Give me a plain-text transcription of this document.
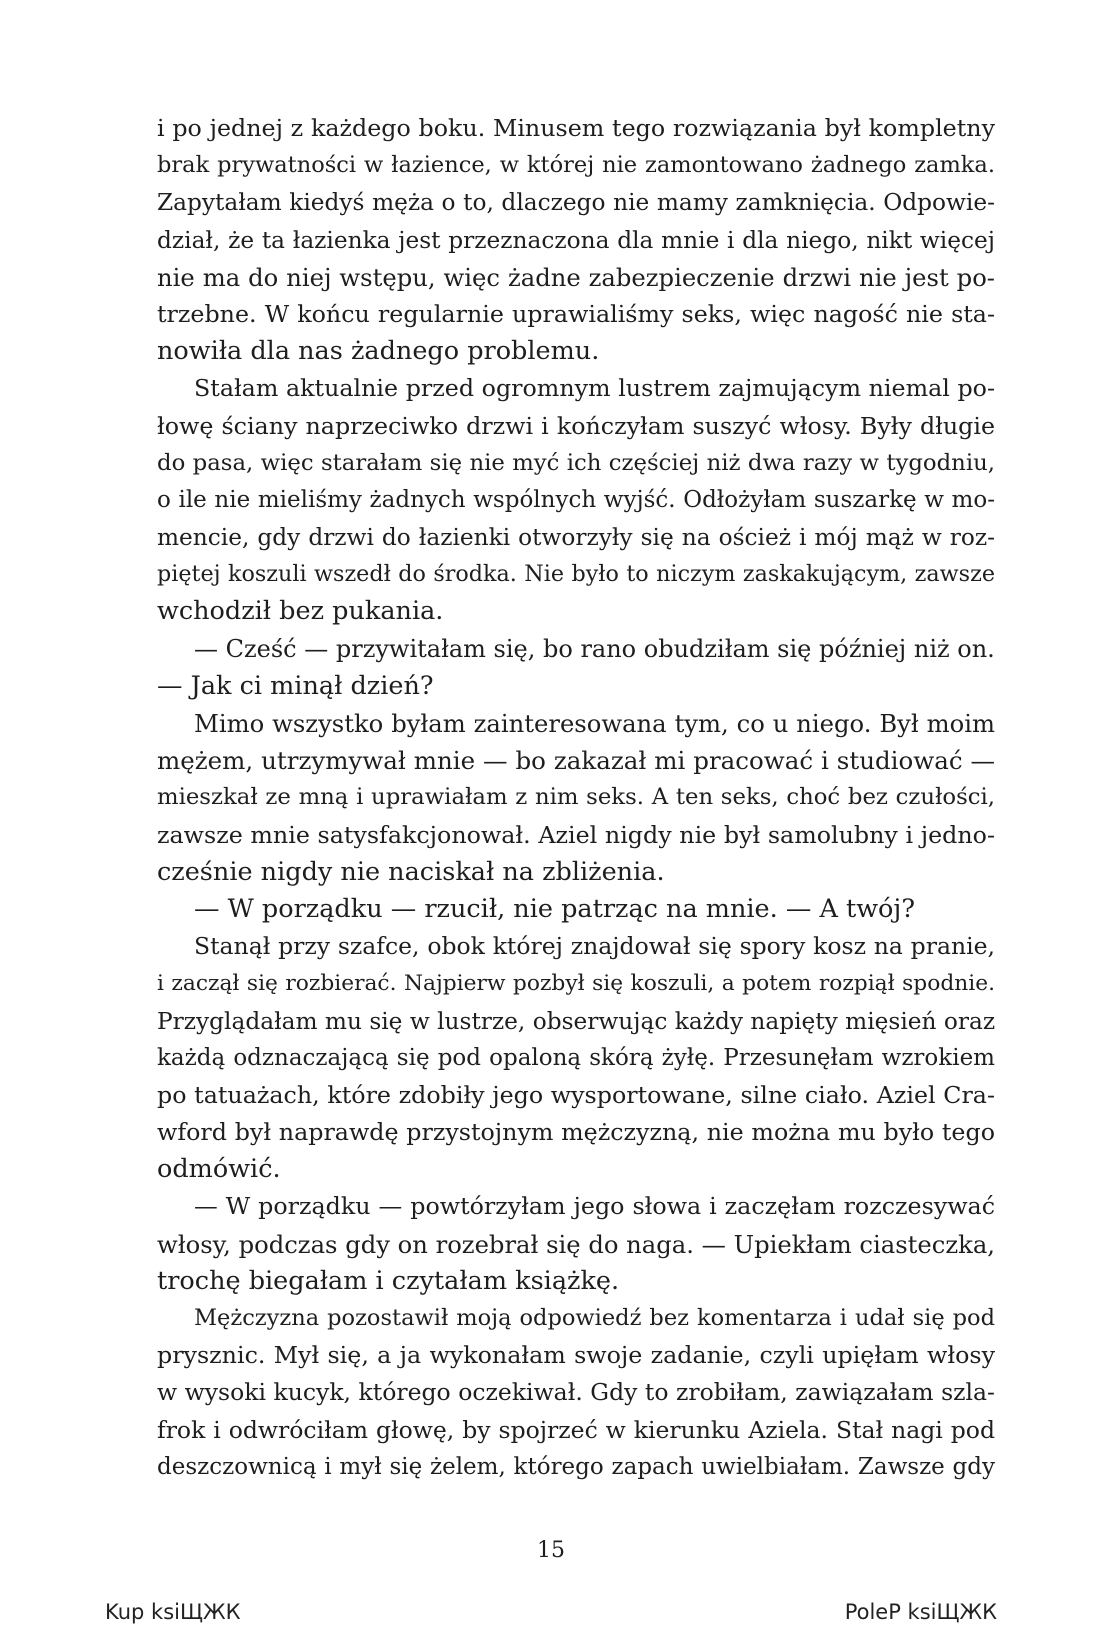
i po jednej z każdego boku. Minusem tego rozwiązania był kompletny
brak prywatności w łazience, w której nie zamontowano żadnego zamka.
Zapytałam kiedyś męża o to, dlaczego nie mamy zamknięcia. Odpowie-
dział, że ta łazienka jest przeznaczona dla mnie i dla niego, nikt więcej
nie ma do niej wstępu, więc żadne zabezpieczenie drzwi nie jest po-
trzebne. W końcu regularnie uprawialiśmy seks, więc nagość nie sta-
nowiła dla nas żadnego problemu.
Stałam aktualnie przed ogromnym lustrem zajmującym niemal po-
łowę ściany naprzeciwko drzwi i kończyłam suszyć włosy. Były długie
do pasa, więc starałam się nie myć ich częściej niż dwa razy w tygodniu,
o ile nie mieliśmy żadnych wspólnych wyjść. Odłożyłam suszarkę w mo-
mencie, gdy drzwi do łazienki otworzyły się na oścież i mój mąż w roz-
piętej koszuli wszedł do środka. Nie było to niczym zaskakującym, zawsze
wchodził bez pukania.
— Cześć — przywitałam się, bo rano obudziłam się później niż on.
— Jak ci minął dzień?
Mimo wszystko byłam zainteresowana tym, co u niego. Był moim
mężem, utrzymywał mnie — bo zakazał mi pracować i studiować —
mieszkał ze mną i uprawiałam z nim seks. A ten seks, choć bez czułości,
zawsze mnie satysfakcjonował. Aziel nigdy nie był samolubny i jedno-
cześnie nigdy nie naciskał na zbliżenia.
— W porządku — rzucił, nie patrząc na mnie. — A twój?
Stanął przy szafce, obok której znajdował się spory kosz na pranie,
i zaczął się rozbierać. Najpierw pozbył się koszuli, a potem rozpiął spodnie.
Przyglądałam mu się w lustrze, obserwując każdy napięty mięsień oraz
każdą odznaczającą się pod opaloną skórą żyłę. Przesunęłam wzrokiem
po tatuażach, które zdobiły jego wysportowane, silne ciało. Aziel Cra-
wford był naprawdę przystojnym mężczyzną, nie można mu było tego
odmówić.
— W porządku — powtórzyłam jego słowa i zaczęłam rozczesywać
włosy, podczas gdy on rozebrał się do naga. — Upiekłam ciasteczka,
trochę biegałam i czytałam książkę.
Mężczyzna pozostawił moją odpowiedź bez komentarza i udał się pod
prysznic. Mył się, a ja wykonałam swoje zadanie, czyli upięłam włosy
w wysoki kucyk, którego oczekiwał. Gdy to zrobiłam, zawiązałam szla-
frok i odwróciłam głowę, by spojrzeć w kierunku Aziela. Stał nagi pod
deszczownicą i mył się żelem, którego zapach uwielbiałam. Zawsze gdy
15
Kup ksiЩЖК	PoleР ksiЩЖК
